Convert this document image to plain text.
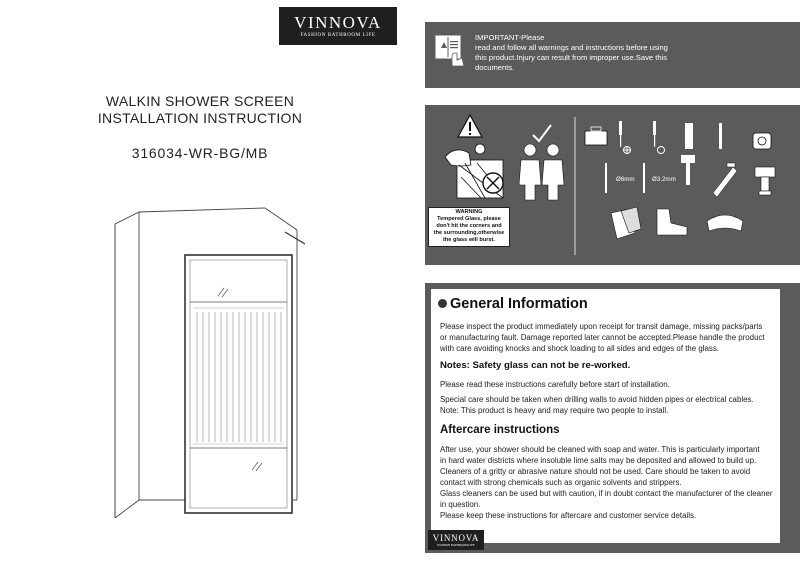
VINNOVA
FASHION BATHROOM LIFE
WALKIN SHOWER SCREEN
INSTALLATION INSTRUCTION
316034-WR-BG/MB
IMPORTANT-Please
read and follow all warnings and instructions before using
this product.Injury can result from improper use.Save this
documents.
WARNING
Tempered Glass, please
don't hit the corners and
the surrounding,otherwise
the glass will burst.
Ø6mm	Ø3.2mm
General Information
Please inspect the product immediately upon receipt for transit damage, missing packs/parts
or manufacturing fault. Damage reported later cannot be accepted.Please handle the product
with care avoiding knocks and shock loading to all sides and edges of the glass.
Notes: Safety glass can not be re-worked.
Please read these instructions carefully before start of installation.
Special care should be taken when drilling walls to avoid hidden pipes or electrical cables.
Note: This product is heavy and may require two people to install.
Aftercare instructions
After use, your shower should be cleaned with soap and water. This is particularly important
in hard water districts where insoluble lime salts may be deposited and allowed to build up.
Cleaners of a gritty or abrasive nature should not be used. Care should be taken to avoid
contact with strong chemicals such as organic solvents and strippers.
Glass cleaners can be used but with caution, if in doubt contact the manufacturer of the cleaner
in question.
Please keep these instructions for aftercare and customer service details.
VINNOVA
FASHION BATHROOM LIFE
